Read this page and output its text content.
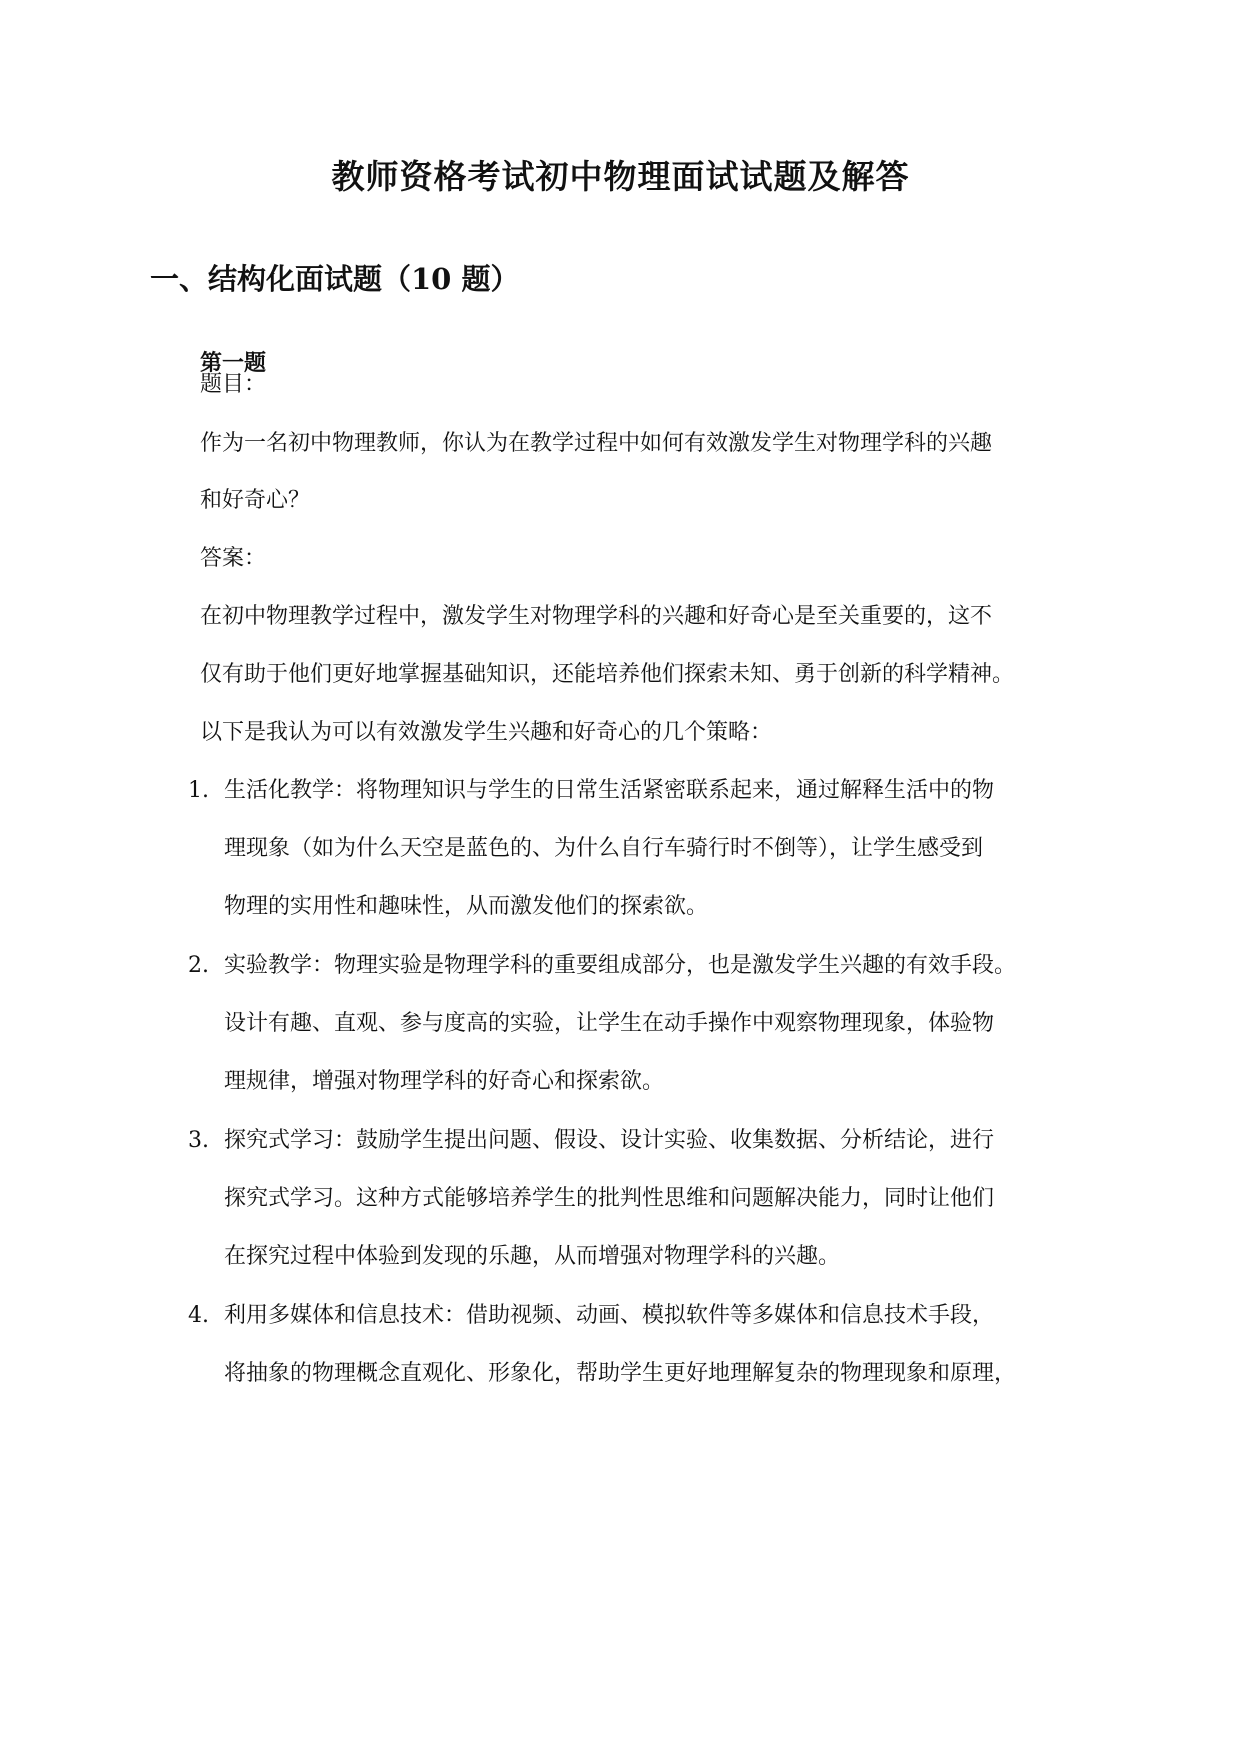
教师资格考试初中物理面试试题及解答
一、结构化面试题（10 题）
第一题
题目：
作为一名初中物理教师，你认为在教学过程中如何有效激发学生对物理学科的兴趣
和好奇心？
答案：
在初中物理教学过程中，激发学生对物理学科的兴趣和好奇心是至关重要的，这不
仅有助于他们更好地掌握基础知识，还能培养他们探索未知、勇于创新的科学精神。
以下是我认为可以有效激发学生兴趣和好奇心的几个策略：
1. 生活化教学：将物理知识与学生的日常生活紧密联系起来，通过解释生活中的物
理现象（如为什么天空是蓝色的、为什么自行车骑行时不倒等），让学生感受到
物理的实用性和趣味性，从而激发他们的探索欲。
2. 实验教学：物理实验是物理学科的重要组成部分，也是激发学生兴趣的有效手段。
设计有趣、直观、参与度高的实验，让学生在动手操作中观察物理现象，体验物
理规律，增强对物理学科的好奇心和探索欲。
3. 探究式学习：鼓励学生提出问题、假设、设计实验、收集数据、分析结论，进行
探究式学习。这种方式能够培养学生的批判性思维和问题解决能力，同时让他们
在探究过程中体验到发现的乐趣，从而增强对物理学科的兴趣。
4. 利用多媒体和信息技术：借助视频、动画、模拟软件等多媒体和信息技术手段，
将抽象的物理概念直观化、形象化，帮助学生更好地理解复杂的物理现象和原理，
